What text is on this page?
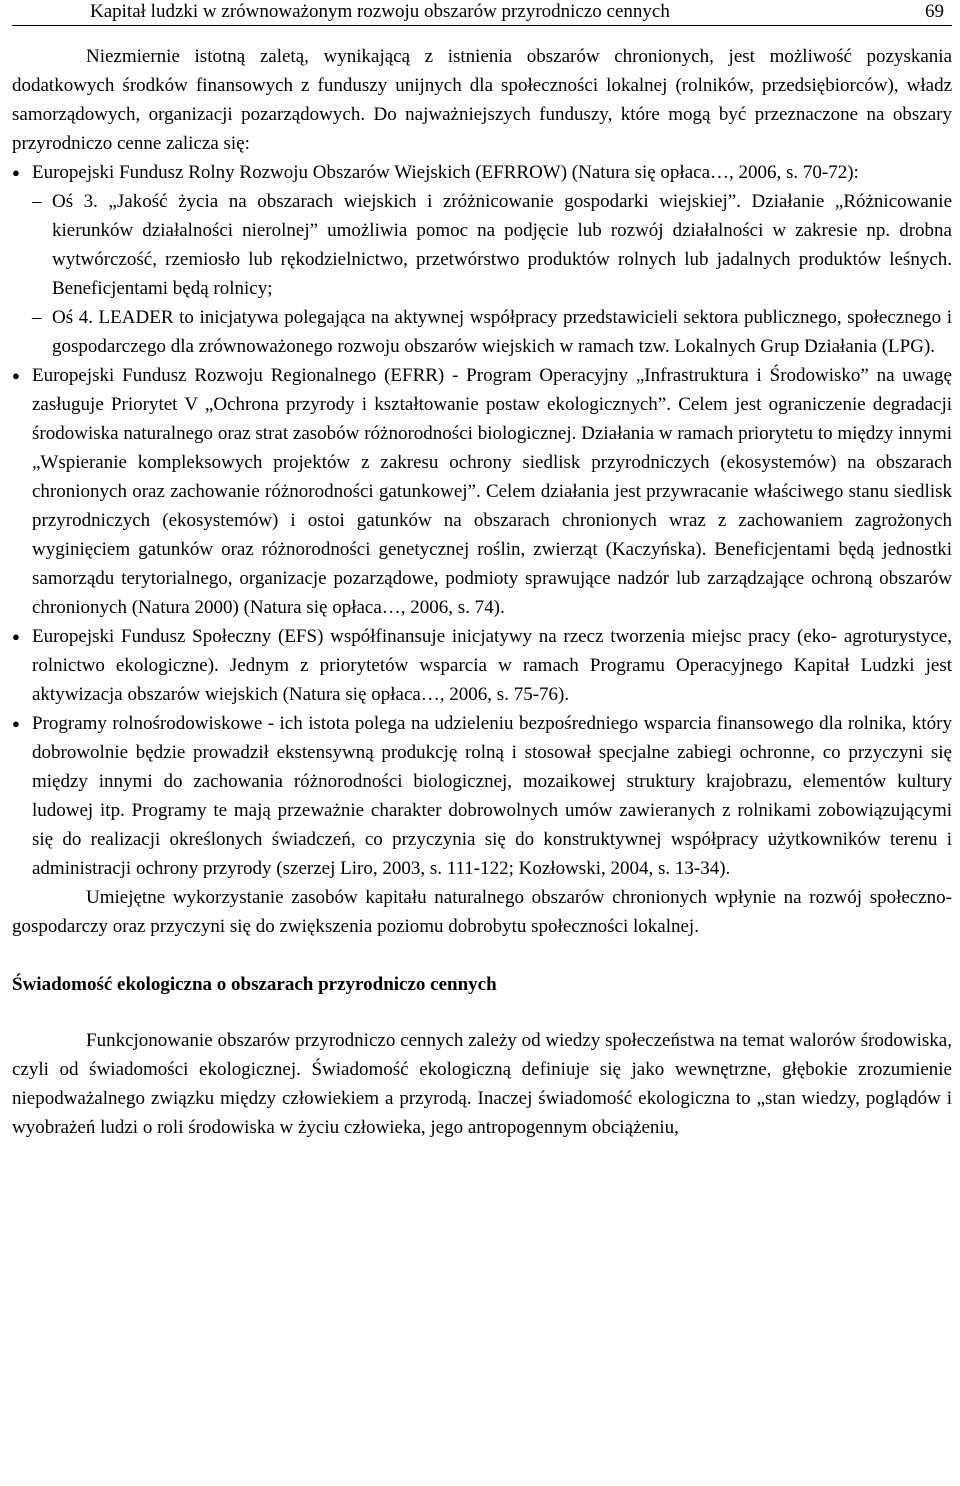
Kapitał ludzki w zrównoważonym rozwoju obszarów przyrodniczo cennych	69

Niezmiernie istotną zaletą, wynikającą z istnienia obszarów chronionych, jest możliwość pozyskania dodatkowych środków finansowych z funduszy unijnych dla społeczności lokalnej (rolników, przedsiębiorców), władz samorządowych, organizacji pozarządowych. Do najważniejszych funduszy, które mogą być przeznaczone na obszary przyrodniczo cenne zalicza się:

● Europejski Fundusz Rolny Rozwoju Obszarów Wiejskich (EFRROW) (Natura się opłaca…, 2006, s. 70-72):
– Oś 3. „Jakość życia na obszarach wiejskich i zróżnicowanie gospodarki wiejskiej”. Działanie „Różnicowanie kierunków działalności nierolnej” umożliwia pomoc na podjęcie lub rozwój działalności w zakresie np. drobna wytwórczość, rzemiosło lub rękodzielnictwo, przetwórstwo produktów rolnych lub jadalnych produktów leśnych. Beneficjentami będą rolnicy;
– Oś 4. LEADER to inicjatywa polegająca na aktywnej współpracy przedstawicieli sektora publicznego, społecznego i gospodarczego dla zrównoważonego rozwoju obszarów wiejskich w ramach tzw. Lokalnych Grup Działania (LPG).
● Europejski Fundusz Rozwoju Regionalnego (EFRR) - Program Operacyjny „Infrastruktura i Środowisko” na uwagę zasługuje Priorytet V „Ochrona przyrody i kształtowanie postaw ekologicznych”. Celem jest ograniczenie degradacji środowiska naturalnego oraz strat zasobów różnorodności biologicznej. Działania w ramach priorytetu to między innymi „Wspieranie kompleksowych projektów z zakresu ochrony siedlisk przyrodniczych (ekosystemów) na obszarach chronionych oraz zachowanie różnorodności gatunkowej”. Celem działania jest przywracanie właściwego stanu siedlisk przyrodniczych (ekosystemów) i ostoi gatunków na obszarach chronionych wraz z zachowaniem zagrożonych wyginięciem gatunków oraz różnorodności genetycznej roślin, zwierząt (Kaczyńska). Beneficjentami będą jednostki samorządu terytorialnego, organizacje pozarządowe, podmioty sprawujące nadzór lub zarządzające ochroną obszarów chronionych (Natura 2000) (Natura się opłaca…, 2006, s. 74).
● Europejski Fundusz Społeczny (EFS) współfinansuje inicjatywy na rzecz tworzenia miejsc pracy (eko- agroturystyce, rolnictwo ekologiczne). Jednym z priorytetów wsparcia w ramach Programu Operacyjnego Kapitał Ludzki jest aktywizacja obszarów wiejskich (Natura się opłaca…, 2006, s. 75-76).
● Programy rolnośrodowiskowe - ich istota polega na udzieleniu bezpośredniego wsparcia finansowego dla rolnika, który dobrowolnie będzie prowadził ekstensywną produkcję rolną i stosował specjalne zabiegi ochronne, co przyczyni się między innymi do zachowania różnorodności biologicznej, mozaikowej struktury krajobrazu, elementów kultury ludowej itp. Programy te mają przeważnie charakter dobrowolnych umów zawieranych z rolnikami zobowiązującymi się do realizacji określonych świadczeń, co przyczynia się do konstruktywnej współpracy użytkowników terenu i administracji ochrony przyrody (szerzej Liro, 2003, s. 111-122; Kozłowski, 2004, s. 13-34).

Umiejętne wykorzystanie zasobów kapitału naturalnego obszarów chronionych wpłynie na rozwój społeczno-gospodarczy oraz przyczyni się do zwiększenia poziomu dobrobytu społeczności lokalnej.

Świadomość ekologiczna o obszarach przyrodniczo cennych

Funkcjonowanie obszarów przyrodniczo cennych zależy od wiedzy społeczeństwa na temat walorów środowiska, czyli od świadomości ekologicznej. Świadomość ekologiczną definiuje się jako wewnętrzne, głębokie zrozumienie niepodważalnego związku między człowiekiem a przyrodą. Inaczej świadomość ekologiczna to „stan wiedzy, poglądów i wyobrażeń ludzi o roli środowiska w życiu człowieka, jego antropogennym obciążeniu,
